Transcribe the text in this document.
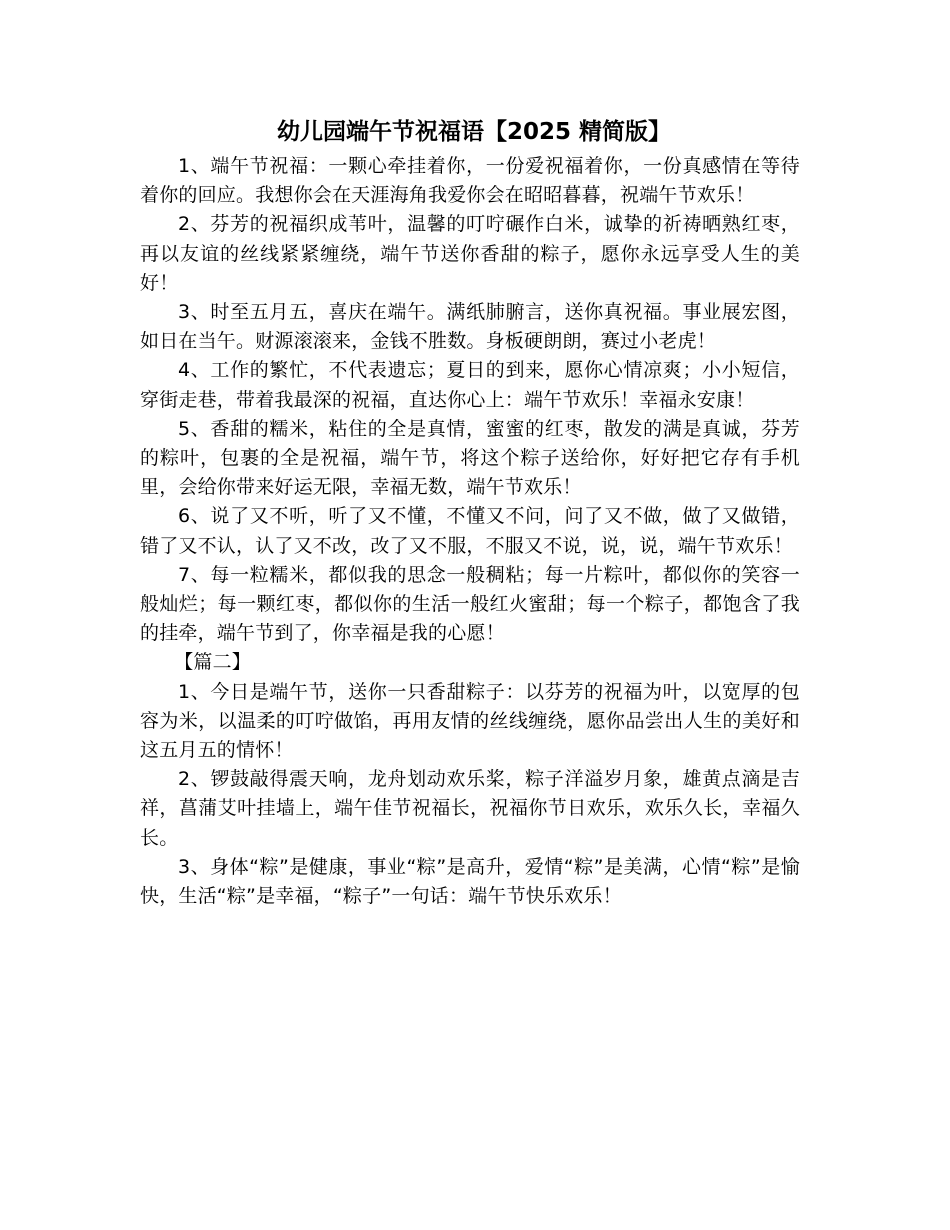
幼儿园端午节祝福语【2025 精简版】

1、端午节祝福：一颗心牵挂着你，一份爱祝福着你，一份真感情在等待着你的回应。我想你会在天涯海角我爱你会在昭昭暮暮，祝端午节欢乐！

2、芬芳的祝福织成苇叶，温馨的叮咛碾作白米，诚挚的祈祷晒熟红枣，再以友谊的丝线紧紧缠绕，端午节送你香甜的粽子，愿你永远享受人生的美好！

3、时至五月五，喜庆在端午。满纸肺腑言，送你真祝福。事业展宏图，如日在当午。财源滚滚来，金钱不胜数。身板硬朗朗，赛过小老虎！

4、工作的繁忙，不代表遗忘；夏日的到来，愿你心情凉爽；小小短信，穿街走巷，带着我最深的祝福，直达你心上：端午节欢乐！幸福永安康！

5、香甜的糯米，粘住的全是真情，蜜蜜的红枣，散发的满是真诚，芬芳的粽叶，包裹的全是祝福，端午节，将这个粽子送给你，好好把它存有手机里，会给你带来好运无限，幸福无数，端午节欢乐！

6、说了又不听，听了又不懂，不懂又不问，问了又不做，做了又做错，错了又不认，认了又不改，改了又不服，不服又不说，说，说，端午节欢乐！

7、每一粒糯米，都似我的思念一般稠粘；每一片粽叶，都似你的笑容一般灿烂；每一颗红枣，都似你的生活一般红火蜜甜；每一个粽子，都饱含了我的挂牵，端午节到了，你幸福是我的心愿！

【篇二】

1、今日是端午节，送你一只香甜粽子：以芬芳的祝福为叶，以宽厚的包容为米，以温柔的叮咛做馅，再用友情的丝线缠绕，愿你品尝出人生的美好和这五月五的情怀！

2、锣鼓敲得震天响，龙舟划动欢乐桨，粽子洋溢岁月象，雄黄点滴是吉祥，菖蒲艾叶挂墙上，端午佳节祝福长，祝福你节日欢乐，欢乐久长，幸福久长。

3、身体“粽”是健康，事业“粽”是高升，爱情“粽”是美满，心情“粽”是愉快，生活“粽”是幸福，“粽子”一句话：端午节快乐欢乐！
